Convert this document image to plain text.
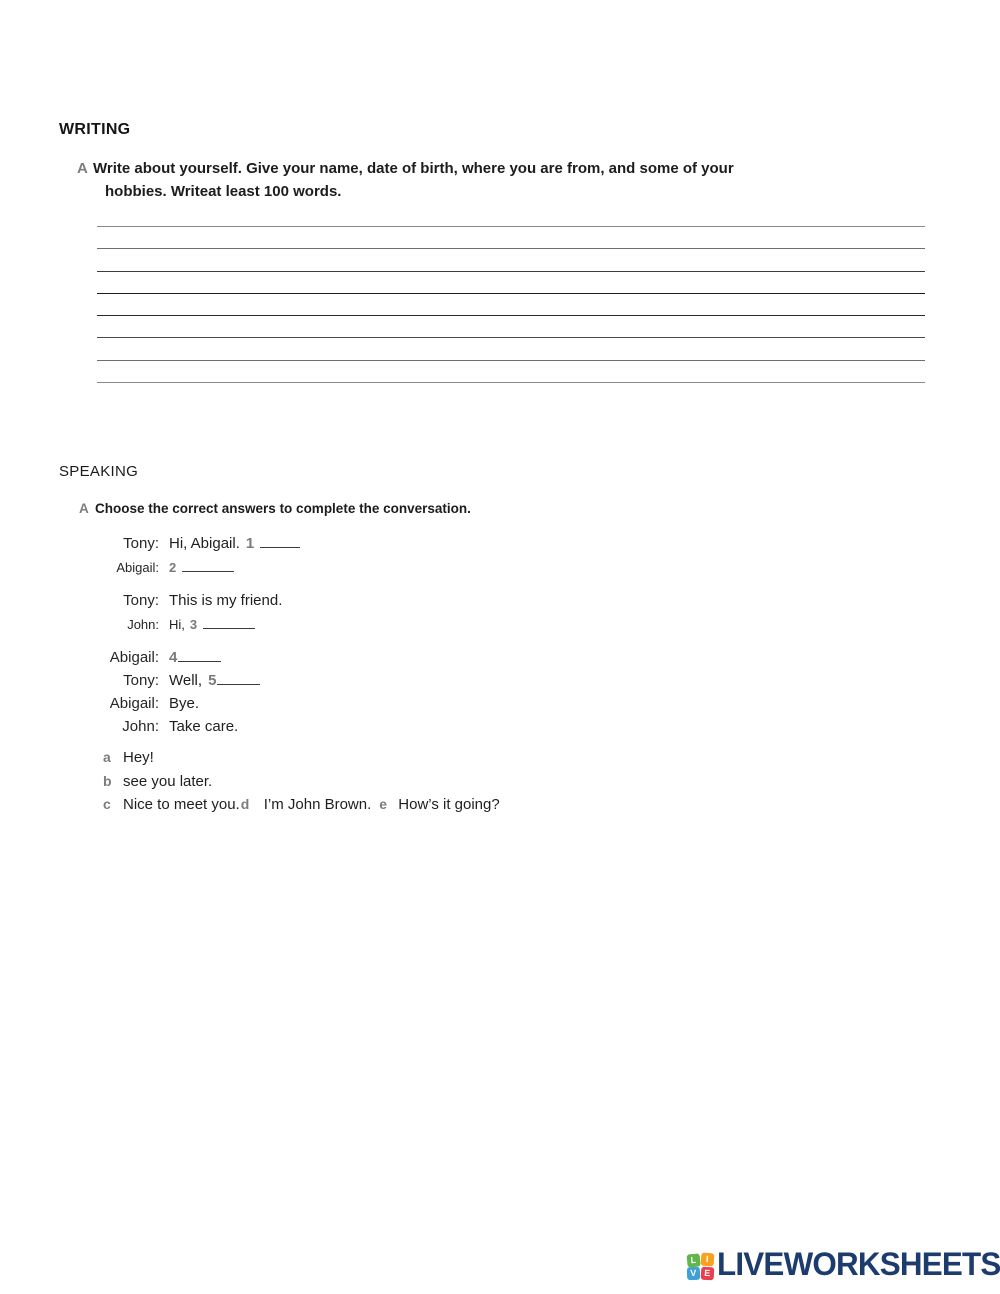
WRITING
A Write about yourself. Give your name, date of birth, where you are from, and some of your
hobbies. Writeat least 100 words.
SPEAKING
A Choose the correct answers to complete the conversation.
Tony: Hi, Abigail. 1
Abigail: 2
Tony: This is my friend.
John: Hi, 3
Abigail: 4
Tony: Well, 5
Abigail: Bye.
John: Take care.
a Hey!
b see you later.
c Nice to meet you. d I’m John Brown. e How’s it going?
L	I
V E LIVEWORKSHEETS
